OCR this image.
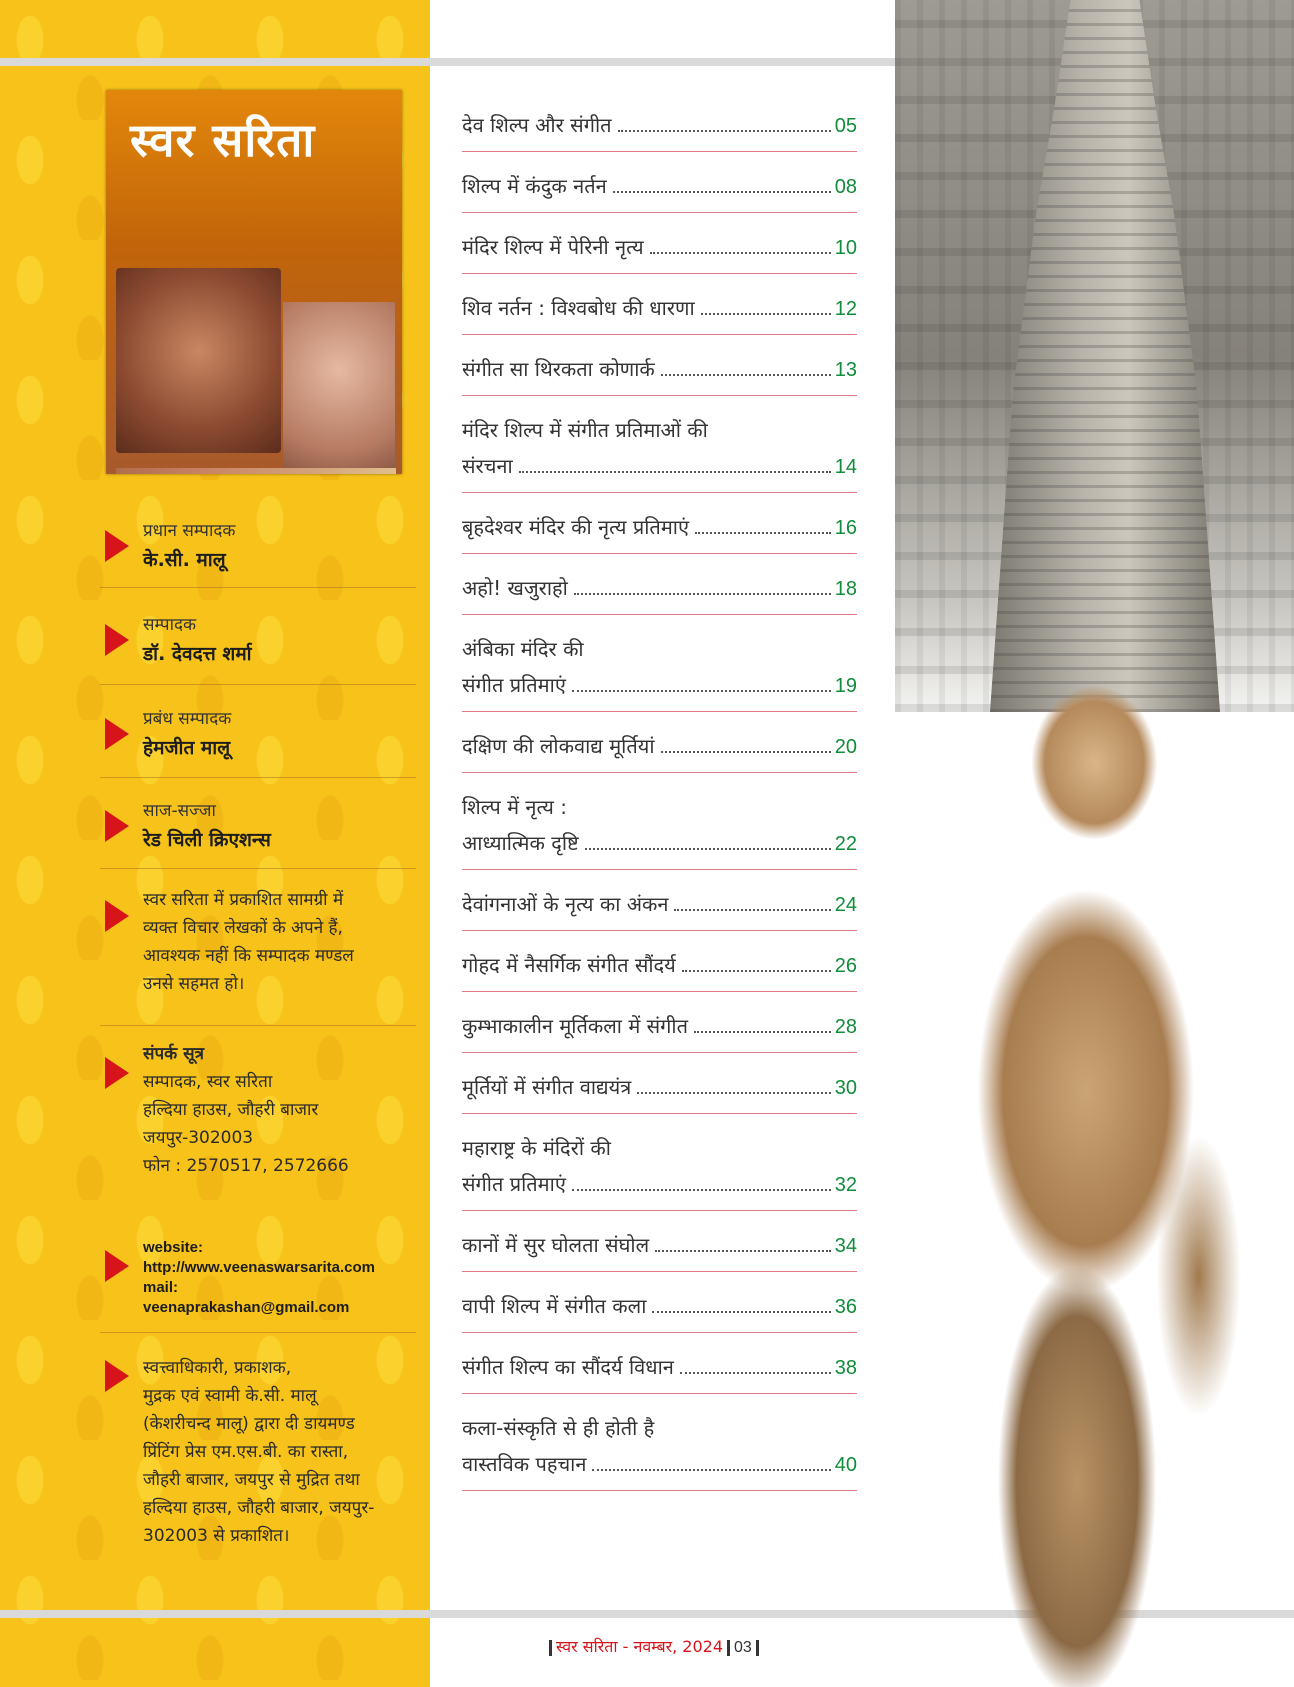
स्वर सरिता
प्रधान सम्पादक
के.सी. मालू
सम्पादक
डॉ. देवदत्त शर्मा
प्रबंध सम्पादक
हेमजीत मालू
साज-सज्जा
रेड चिली क्रिएशन्स
स्वर सरिता में प्रकाशित सामग्री में
व्यक्त विचार लेखकों के अपने हैं,
आवश्यक नहीं कि सम्पादक मण्डल
उनसे सहमत हो।
संपर्क सूत्र
सम्पादक, स्वर सरिता
हल्दिया हाउस, जौहरी बाजार
जयपुर-302003
फोन : 2570517, 2572666
website:
http://www.veenaswarsarita.com
mail:
veenaprakashan@gmail.com
स्वत्त्वाधिकारी, प्रकाशक,
मुद्रक एवं स्वामी के.सी. मालू
(केशरीचन्द मालू) द्वारा दी डायमण्ड
प्रिंटिंग प्रेस एम.एस.बी. का रास्ता,
जौहरी बाजार, जयपुर से मुद्रित तथा
हल्दिया हाउस, जौहरी बाजार, जयपुर-
302003 से प्रकाशित।
स्वर सरिता - नवम्बर, 2024 03
देव शिल्प और संगीत	05
शिल्प में कंदुक नर्तन	08
मंदिर शिल्प में पेरिनी नृत्य	10
शिव नर्तन : विश्वबोध की धारणा	12
संगीत सा थिरकता कोणार्क	13
मंदिर शिल्प में संगीत प्रतिमाओं की
संरचना	14
बृहदेश्वर मंदिर की नृत्य प्रतिमाएं	16
अहो! खजुराहो	18
अंबिका मंदिर की
संगीत प्रतिमाएं	19
दक्षिण की लोकवाद्य मूर्तियां	20
शिल्प में नृत्य :
आध्यात्मिक दृष्टि	22
देवांगनाओं के नृत्य का अंकन	24
गोहद में नैसर्गिक संगीत सौंदर्य	26
कुम्भाकालीन मूर्तिकला में संगीत	28
मूर्तियों में संगीत वाद्ययंत्र	30
महाराष्ट्र के मंदिरों की
संगीत प्रतिमाएं	32
कानों में सुर घोलता संघोल	34
वापी शिल्प में संगीत कला	36
संगीत शिल्प का सौंदर्य विधान	38
कला-संस्कृति से ही होती है
वास्तविक पहचान	40
